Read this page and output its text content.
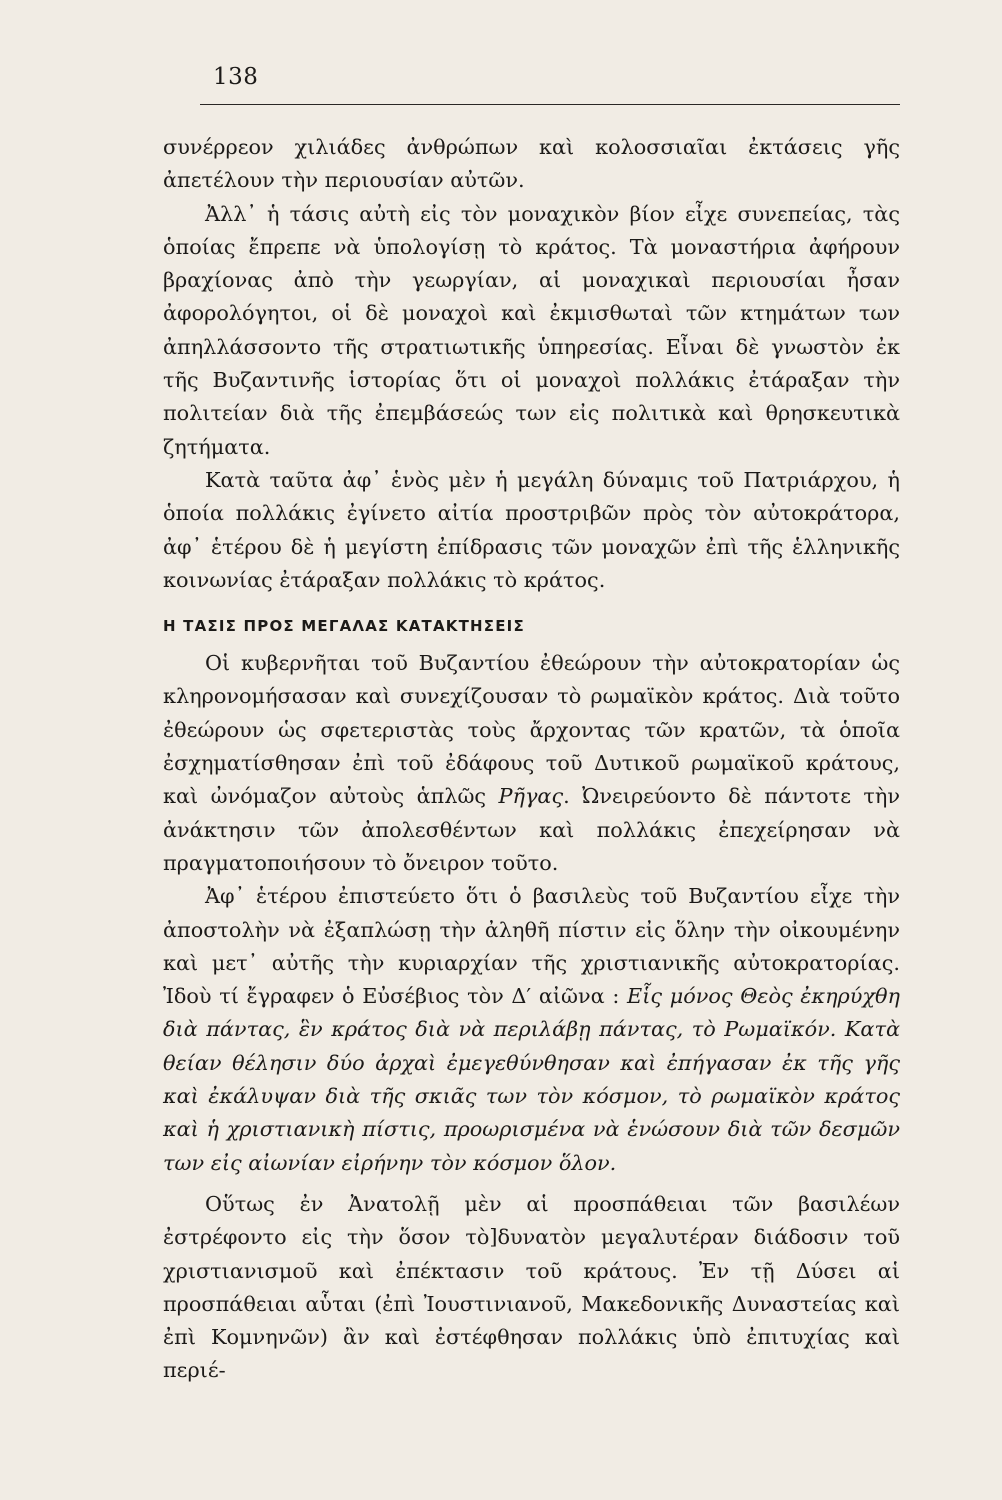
138

συνέρρεον χιλιάδες ἀνθρώπων καὶ κολοσσιαῖαι ἐκτάσεις γῆς ἀπετέλουν τὴν περιουσίαν αὐτῶν.

Ἀλλ᾿ ἡ τάσις αὐτὴ εἰς τὸν μοναχικὸν βίον εἶχε συνεπείας, τὰς ὁποίας ἔπρεπε νὰ ὑπολογίσῃ τὸ κράτος. Τὰ μοναστήρια ἀφήρουν βραχίονας ἀπὸ τὴν γεωργίαν, αἱ μοναχικαὶ περιουσίαι ἦσαν ἀφορολόγητοι, οἱ δὲ μοναχοὶ καὶ ἐκμισθωταὶ τῶν κτημάτων των ἀπηλλάσσοντο τῆς στρατιωτικῆς ὑπηρεσίας. Εἶναι δὲ γνωστὸν ἐκ τῆς Βυζαντινῆς ἱστορίας ὅτι οἱ μοναχοὶ πολλάκις ἐτάραξαν τὴν πολιτείαν διὰ τῆς ἐπεμβάσεώς των εἰς πολιτικὰ καὶ θρησκευτικὰ ζητήματα.

Κατὰ ταῦτα ἀφ᾿ ἑνὸς μὲν ἡ μεγάλη δύναμις τοῦ Πατριάρχου, ἡ ὁποία πολλάκις ἐγίνετο αἰτία προστριβῶν πρὸς τὸν αὐτοκράτορα, ἀφ᾿ ἑτέρου δὲ ἡ μεγίστη ἐπίδρασις τῶν μοναχῶν ἐπὶ τῆς ἑλληνικῆς κοινωνίας ἐτάραξαν πολλάκις τὸ κράτος.

Η ΤΑΣΙΣ ΠΡΟΣ ΜΕΓΑΛΑΣ ΚΑΤΑΚΤΗΣΕΙΣ

Οἱ κυβερνῆται τοῦ Βυζαντίου ἐθεώρουν τὴν αὐτοκρατορίαν ὡς κληρονομήσασαν καὶ συνεχίζουσαν τὸ ρωμαϊκὸν κράτος. Διὰ τοῦτο ἐθεώρουν ὡς σφετεριστὰς τοὺς ἄρχοντας τῶν κρατῶν, τὰ ὁποῖα ἐσχηματίσθησαν ἐπὶ τοῦ ἐδάφους τοῦ Δυτικοῦ ρωμαϊκοῦ κράτους, καὶ ὠνόμαζον αὐτοὺς ἁπλῶς Ρῆγας. Ὠνειρεύοντο δὲ πάντοτε τὴν ἀνάκτησιν τῶν ἀπολεσθέντων καὶ πολλάκις ἐπεχείρησαν νὰ πραγματοποιήσουν τὸ ὄνειρον τοῦτο.

Ἀφ᾿ ἑτέρου ἐπιστεύετο ὅτι ὁ βασιλεὺς τοῦ Βυζαντίου εἶχε τὴν ἀποστολὴν νὰ ἐξαπλώσῃ τὴν ἀληθῆ πίστιν εἰς ὅλην τὴν οἰκουμένην καὶ μετ᾿ αὐτῆς τὴν κυριαρχίαν τῆς χριστιανικῆς αὐτοκρατορίας. Ἰδοὺ τί ἔγραφεν ὁ Εὐσέβιος τὸν Δ′ αἰῶνα : Εἷς μόνος Θεὸς ἐκηρύχθη διὰ πάντας, ἓν κράτος διὰ νὰ περιλάβῃ πάντας, τὸ Ρωμαϊκόν. Κατὰ θείαν θέλησιν δύο ἀρχαὶ ἐμεγεθύνθησαν καὶ ἐπήγασαν ἐκ τῆς γῆς καὶ ἐκάλυψαν διὰ τῆς σκιᾶς των τὸν κόσμον, τὸ ρωμαϊκὸν κράτος καὶ ἡ χριστιανικὴ πίστις, προωρισμένα νὰ ἑνώσουν διὰ τῶν δεσμῶν των εἰς αἰωνίαν εἰρήνην τὸν κόσμον ὅλον.

Οὕτως ἐν Ἀνατολῇ μὲν αἱ προσπάθειαι τῶν βασιλέων ἐστρέφοντο εἰς τὴν ὅσον τὸ]δυνατὸν μεγαλυτέραν διάδοσιν τοῦ χριστιανισμοῦ καὶ ἐπέκτασιν τοῦ κράτους. Ἐν τῇ Δύσει αἱ προσπάθειαι αὗται (ἐπὶ Ἰουστινιανοῦ, Μακεδονικῆς Δυναστείας καὶ ἐπὶ Κομνηνῶν) ἂν καὶ ἐστέφθησαν πολλάκις ὑπὸ ἐπιτυχίας καὶ περιέ-
